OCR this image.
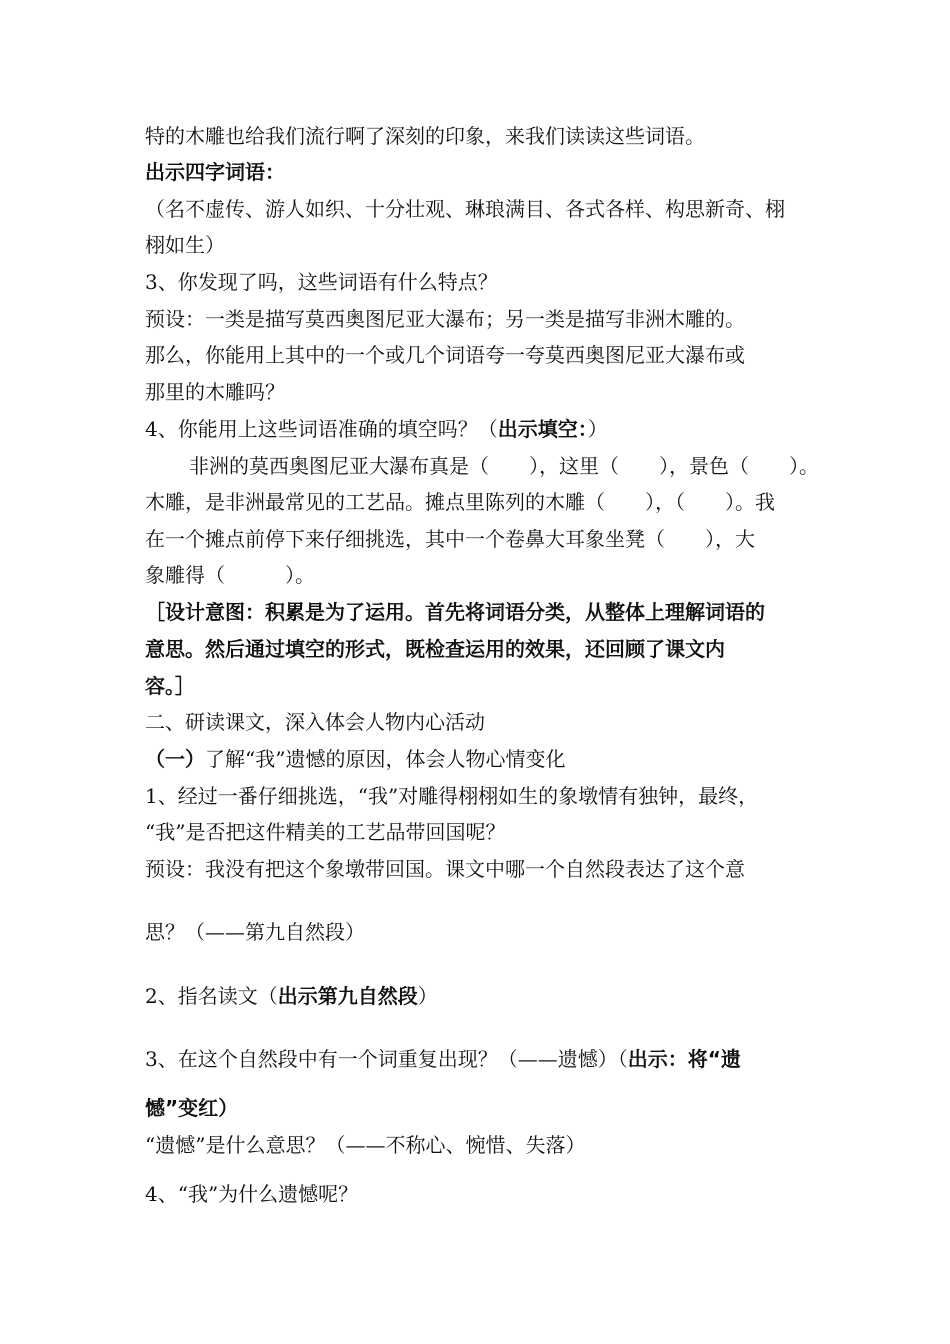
特的木雕也给我们流行啊了深刻的印象，来我们读读这些词语。
出示四字词语：
（名不虚传、游人如织、十分壮观、琳琅满目、各式各样、构思新奇、栩
栩如生）
3、你发现了吗，这些词语有什么特点？
预设：一类是描写莫西奥图尼亚大瀑布；另一类是描写非洲木雕的。
那么，你能用上其中的一个或几个词语夸一夸莫西奥图尼亚大瀑布或
那里的木雕吗？
4、你能用上这些词语准确的填空吗？（出示填空：）
非洲的莫西奥图尼亚大瀑布真是（　　），这里（　　），景色（　　）。
木雕，是非洲最常见的工艺品。摊点里陈列的木雕（　　），（　　）。我
在一个摊点前停下来仔细挑选，其中一个卷鼻大耳象坐凳（　　），大
象雕得（　　　）。
［设计意图：积累是为了运用。首先将词语分类，从整体上理解词语的
意思。然后通过填空的形式，既检查运用的效果，还回顾了课文内
容。］
二、研读课文，深入体会人物内心活动
（一）了解“我”遗憾的原因，体会人物心情变化
1、经过一番仔细挑选，“我”对雕得栩栩如生的象墩情有独钟，最终，
“我”是否把这件精美的工艺品带回国呢？
预设：我没有把这个象墩带回国。课文中哪一个自然段表达了这个意
思？（——第九自然段）
2、指名读文（出示第九自然段）
3、在这个自然段中有一个词重复出现？（——遗憾）（出示：将“遗
憾”变红）
“遗憾”是什么意思？（——不称心、惋惜、失落）
4、“我”为什么遗憾呢？
